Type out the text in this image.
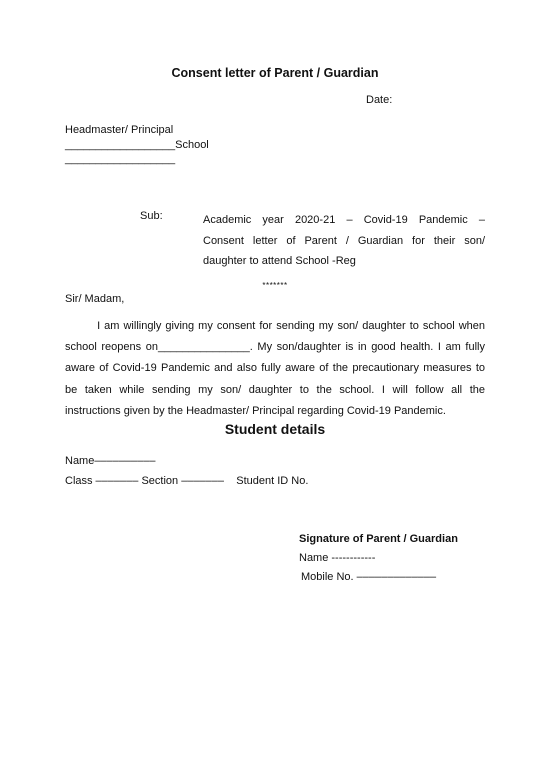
Consent letter of Parent / Guardian
Date:
Headmaster/ Principal
__________________School
__________________
Sub:	Academic year 2020-21 – Covid-19 Pandemic –
Consent letter of Parent / Guardian for their son/
daughter to attend School -Reg
*******
Sir/ Madam,
I am willingly giving my consent for sending my son/ daughter to school when
school reopens on_______________. My son/daughter is in good health. I am fully
aware of Covid-19 Pandemic and also fully aware of the precautionary measures to
be taken while sending my son/ daughter to the school. I will follow all the
instructions given by the Headmaster/ Principal regarding Covid-19 Pandemic.
Student details
Name––––––––––
Class ––––––– Section –––––––    Student ID No.
Signature of Parent / Guardian
Name ------------
Mobile No. –––––––––––––
